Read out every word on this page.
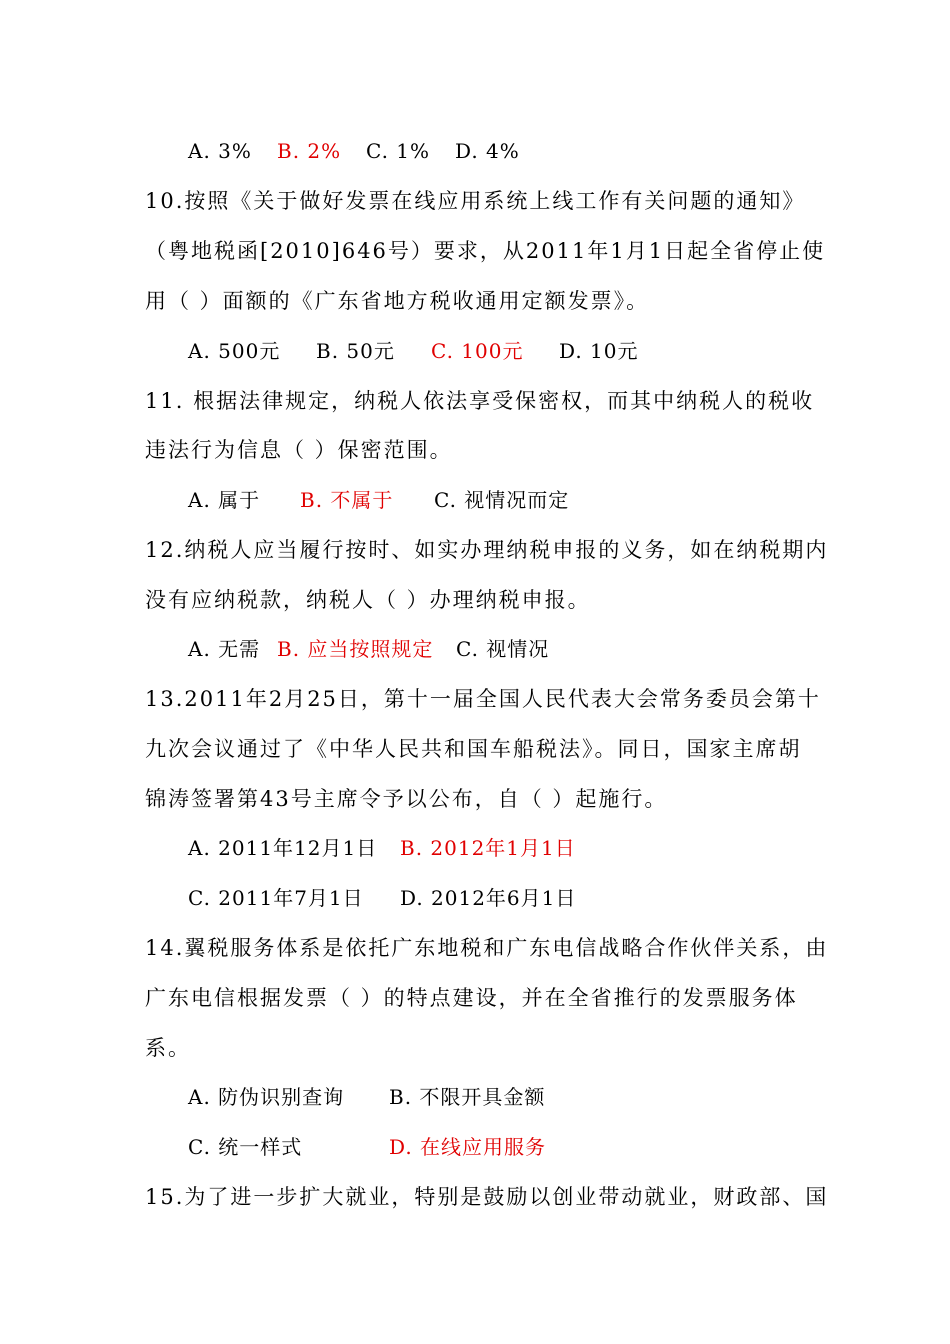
A. 3% B. 2% C. 1% D. 4%
10.按照《关于做好发票在线应用系统上线工作有关问题的通知》
（粤地税函[2010]646号）要求，从2011年1月1日起全省停止使
用（ ）面额的《广东省地方税收通用定额发票》。
A. 500元 B. 50元 C. 100元 D. 10元
11. 根据法律规定，纳税人依法享受保密权，而其中纳税人的税收
违法行为信息（ ）保密范围。
A. 属于 B. 不属于 C. 视情况而定
12.纳税人应当履行按时、如实办理纳税申报的义务，如在纳税期内
没有应纳税款，纳税人（ ）办理纳税申报。
A. 无需 B. 应当按照规定 C. 视情况
13.2011年2月25日，第十一届全国人民代表大会常务委员会第十
九次会议通过了《中华人民共和国车船税法》。同日，国家主席胡
锦涛签署第43号主席令予以公布，自（ ）起施行。
A. 2011年12月1日 B. 2012年1月1日
C. 2011年7月1日 D. 2012年6月1日
14.翼税服务体系是依托广东地税和广东电信战略合作伙伴关系，由
广东电信根据发票（ ）的特点建设，并在全省推行的发票服务体
系。
A. 防伪识别查询 B. 不限开具金额
C. 统一样式	D. 在线应用服务
15.为了进一步扩大就业，特别是鼓励以创业带动就业，财政部、国
